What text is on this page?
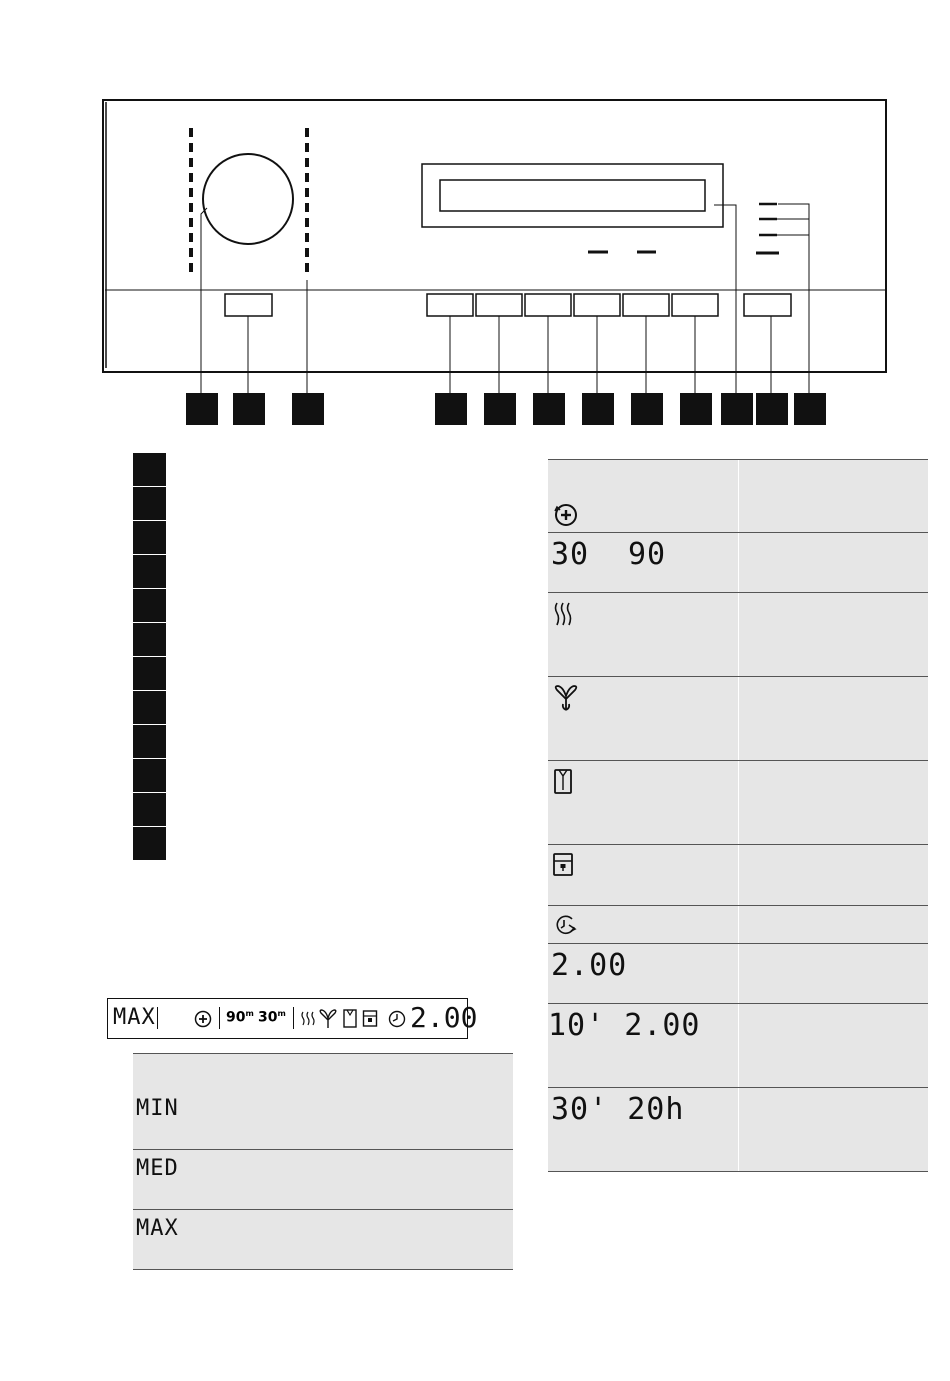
MAX	90$^m$ 30$^m$	2.00
MIN
MED
MAX
30 90
2.00
10' 2.00
30' 20h
